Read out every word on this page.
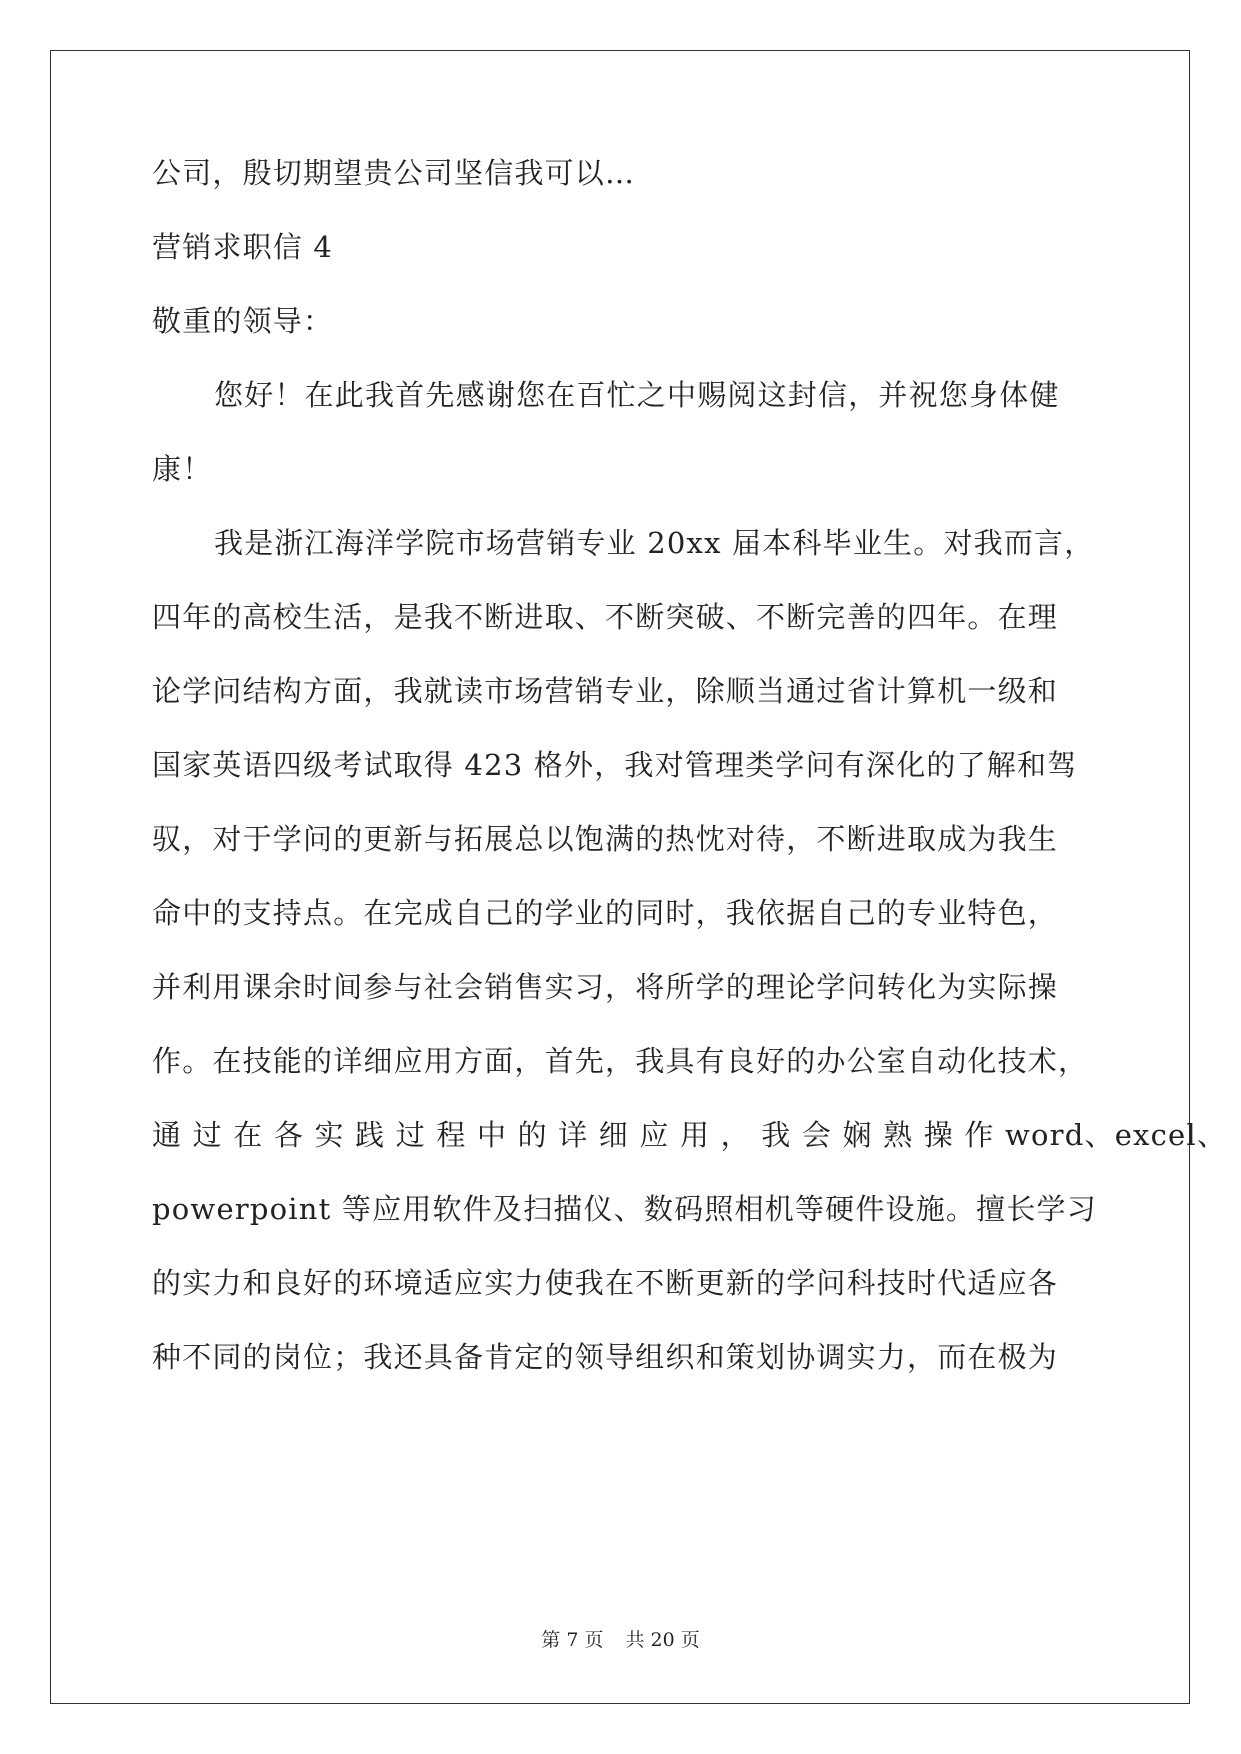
公司，殷切期望贵公司坚信我可以…
营销求职信 4
敬重的领导：
您好！在此我首先感谢您在百忙之中赐阅这封信，并祝您身体健
康！
我是浙江海洋学院市场营销专业 20xx 届本科毕业生。对我而言，
四年的高校生活，是我不断进取、不断突破、不断完善的四年。在理
论学问结构方面，我就读市场营销专业，除顺当通过省计算机一级和
国家英语四级考试取得 423 格外，我对管理类学问有深化的了解和驾
驭，对于学问的更新与拓展总以饱满的热忱对待，不断进取成为我生
命中的支持点。在完成自己的学业的同时，我依据自己的专业特色，
并利用课余时间参与社会销售实习，将所学的理论学问转化为实际操
作。在技能的详细应用方面，首先，我具有良好的办公室自动化技术，
通 过 在 各 实 践 过 程 中 的 详 细 应 用 ， 我 会 娴 熟 操 作 word、excel、
powerpoint 等应用软件及扫描仪、数码照相机等硬件设施。擅长学习
的实力和良好的环境适应实力使我在不断更新的学问科技时代适应各
种不同的岗位；我还具备肯定的领导组织和策划协调实力，而在极为
第 7 页 共 20 页
